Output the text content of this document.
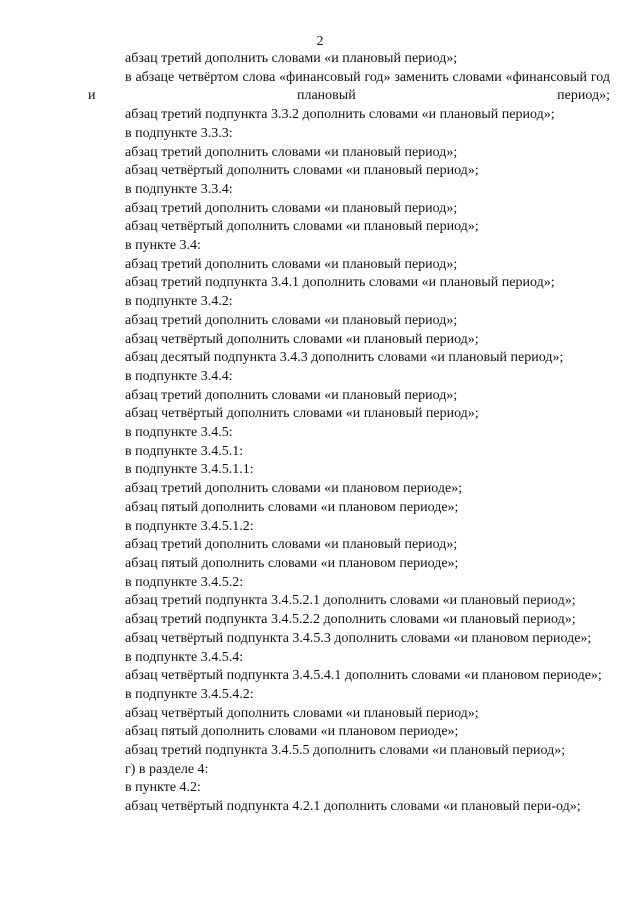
2
абзац третий дополнить словами «и плановый период»;
в абзаце четвёртом слова «финансовый год» заменить словами «финансовый год и плановый период»;
абзац третий подпункта 3.3.2 дополнить словами «и плановый период»;
в подпункте 3.3.3:
абзац третий дополнить словами «и плановый период»;
абзац четвёртый дополнить словами «и плановый период»;
в подпункте 3.3.4:
абзац третий дополнить словами «и плановый период»;
абзац четвёртый дополнить словами «и плановый период»;
в пункте 3.4:
абзац третий дополнить словами «и плановый период»;
абзац третий подпункта 3.4.1 дополнить словами «и плановый период»;
в подпункте 3.4.2:
абзац третий дополнить словами «и плановый период»;
абзац четвёртый дополнить словами «и плановый период»;
абзац десятый подпункта 3.4.3 дополнить словами «и плановый период»;
в подпункте 3.4.4:
абзац третий дополнить словами «и плановый период»;
абзац четвёртый дополнить словами «и плановый период»;
в подпункте 3.4.5:
в подпункте 3.4.5.1:
в подпункте 3.4.5.1.1:
абзац третий дополнить словами «и плановом периоде»;
абзац пятый дополнить словами «и плановом периоде»;
в подпункте 3.4.5.1.2:
абзац третий дополнить словами «и плановый период»;
абзац пятый дополнить словами «и плановом периоде»;
в подпункте 3.4.5.2:
абзац третий подпункта 3.4.5.2.1 дополнить словами «и плановый период»;
абзац третий подпункта 3.4.5.2.2 дополнить словами «и плановый период»;
абзац четвёртый подпункта 3.4.5.3 дополнить словами «и плановом периоде»;
в подпункте 3.4.5.4:
абзац четвёртый подпункта 3.4.5.4.1 дополнить словами «и плановом периоде»;
в подпункте 3.4.5.4.2:
абзац четвёртый дополнить словами «и плановый период»;
абзац пятый дополнить словами «и плановом периоде»;
абзац третий подпункта 3.4.5.5 дополнить словами «и плановый период»;
г) в разделе 4:
в пункте 4.2:
абзац четвёртый подпункта 4.2.1 дополнить словами «и плановый пери-од»;
